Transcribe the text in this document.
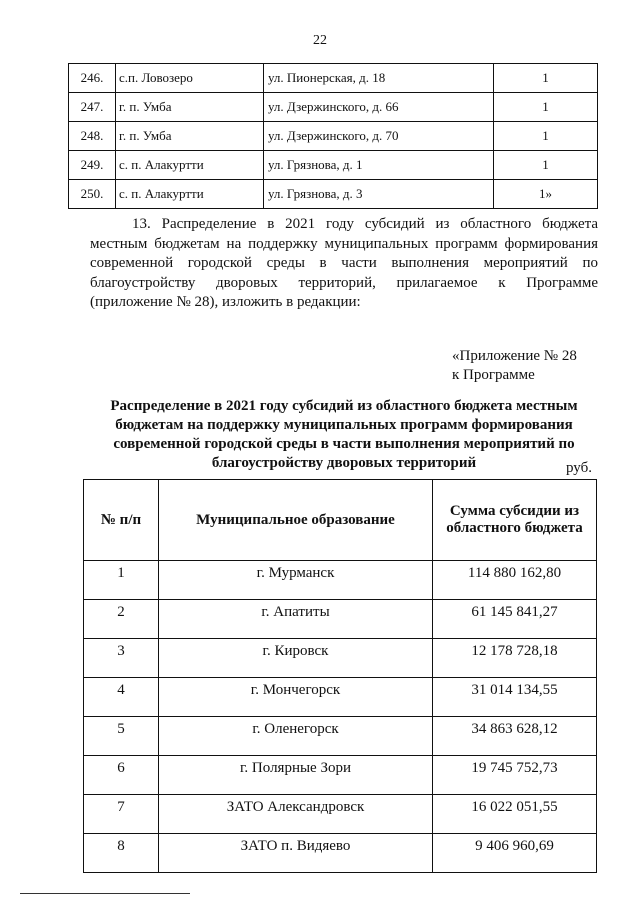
22
246.	с.п. Ловозеро	ул. Пионерская, д. 18	1
247.	г. п. Умба	ул. Дзержинского, д. 66	1
248.	г. п. Умба	ул. Дзержинского, д. 70	1
249.	с. п. Алакуртти	ул. Грязнова, д. 1	1
250.	с. п. Алакуртти	ул. Грязнова, д. 3	1»

13. Распределение в 2021 году субсидий из областного бюджета местным бюджетам на поддержку муниципальных программ формирования современной городской среды в части выполнения мероприятий по благоустройству дворовых территорий, прилагаемое к Программе (приложение № 28), изложить в редакции:

«Приложение № 28
к Программе

Распределение в 2021 году субсидий из областного бюджета местным бюджетам на поддержку муниципальных программ формирования современной городской среды в части выполнения мероприятий по благоустройству дворовых территорий	руб.
№ п/п	Муниципальное образование	Сумма субсидии из областного бюджета
1	г. Мурманск	114 880 162,80
2	г. Апатиты	61 145 841,27
3	г. Кировск	12 178 728,18
4	г. Мончегорск	31 014 134,55
5	г. Оленегорск	34 863 628,12
6	г. Полярные Зори	19 745 752,73
7	ЗАТО Александровск	16 022 051,55
8	ЗАТО п. Видяево	9 406 960,69
